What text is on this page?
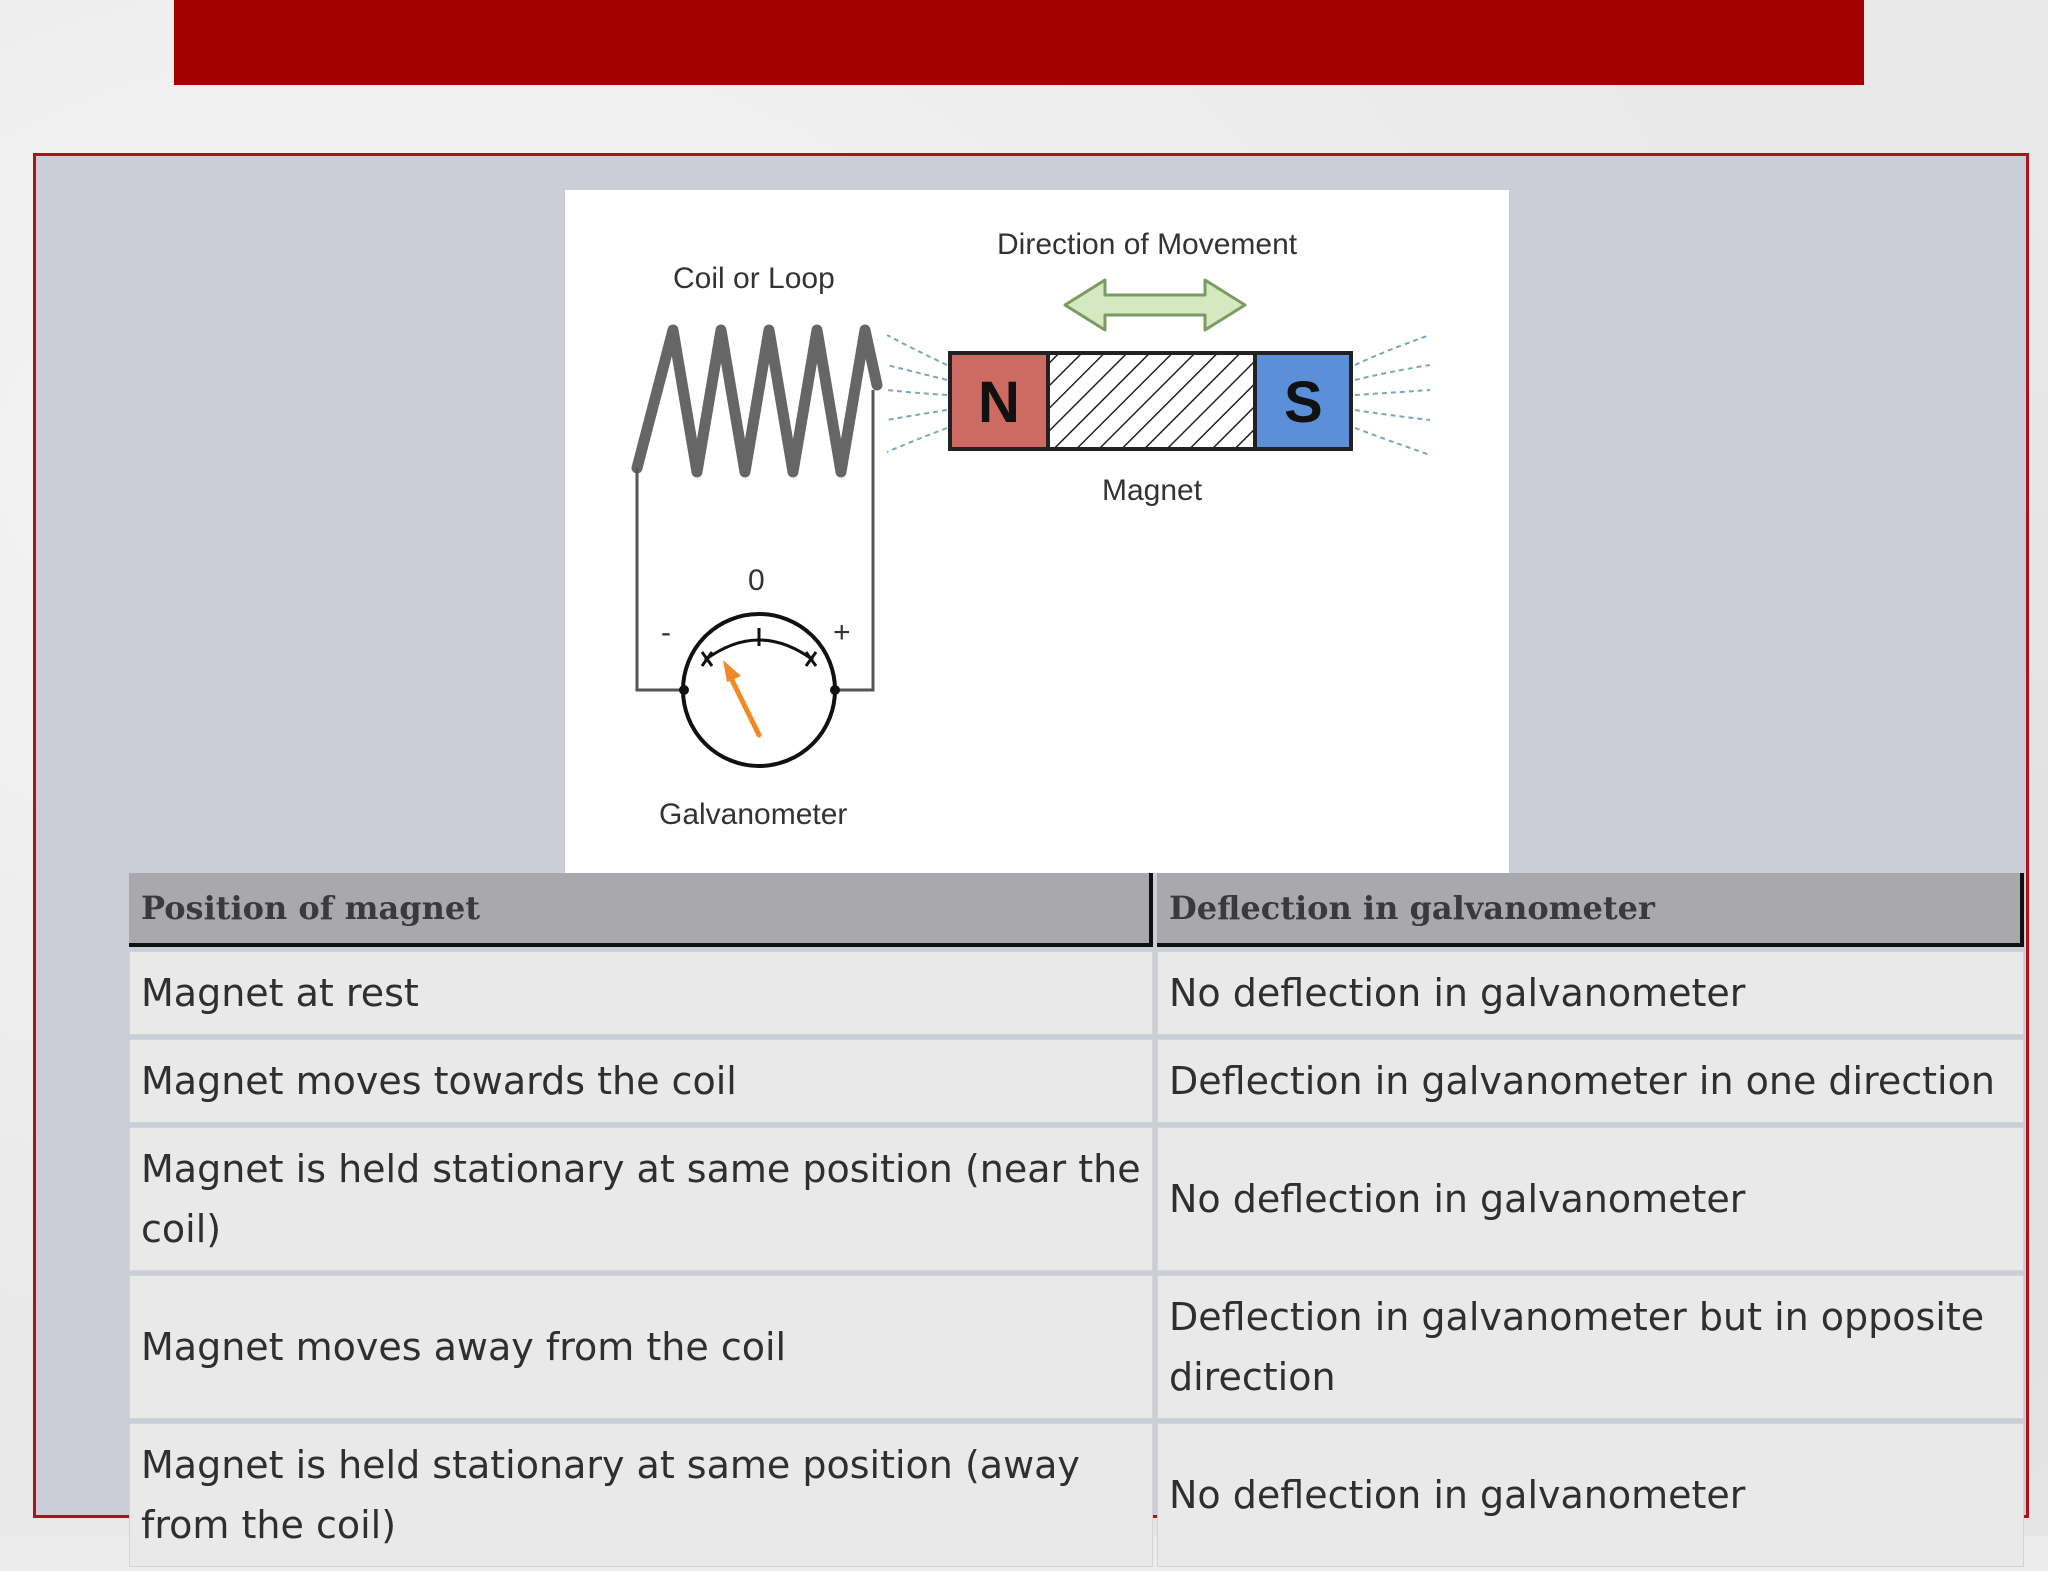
Coil or Loop
0
-	+
Galvanometer
Direction of Movement
N	S
Magnet
Position of magnet	Deflection in galvanometer
Magnet at rest	No deflection in galvanometer
Magnet moves towards the coil	Deflection in galvanometer in one direction
Magnet is held stationary at same position (near the coil)	No deflection in galvanometer
Magnet moves away from the coil	Deflection in galvanometer but in opposite direction
Magnet is held stationary at same position (away from the coil)	No deflection in galvanometer
